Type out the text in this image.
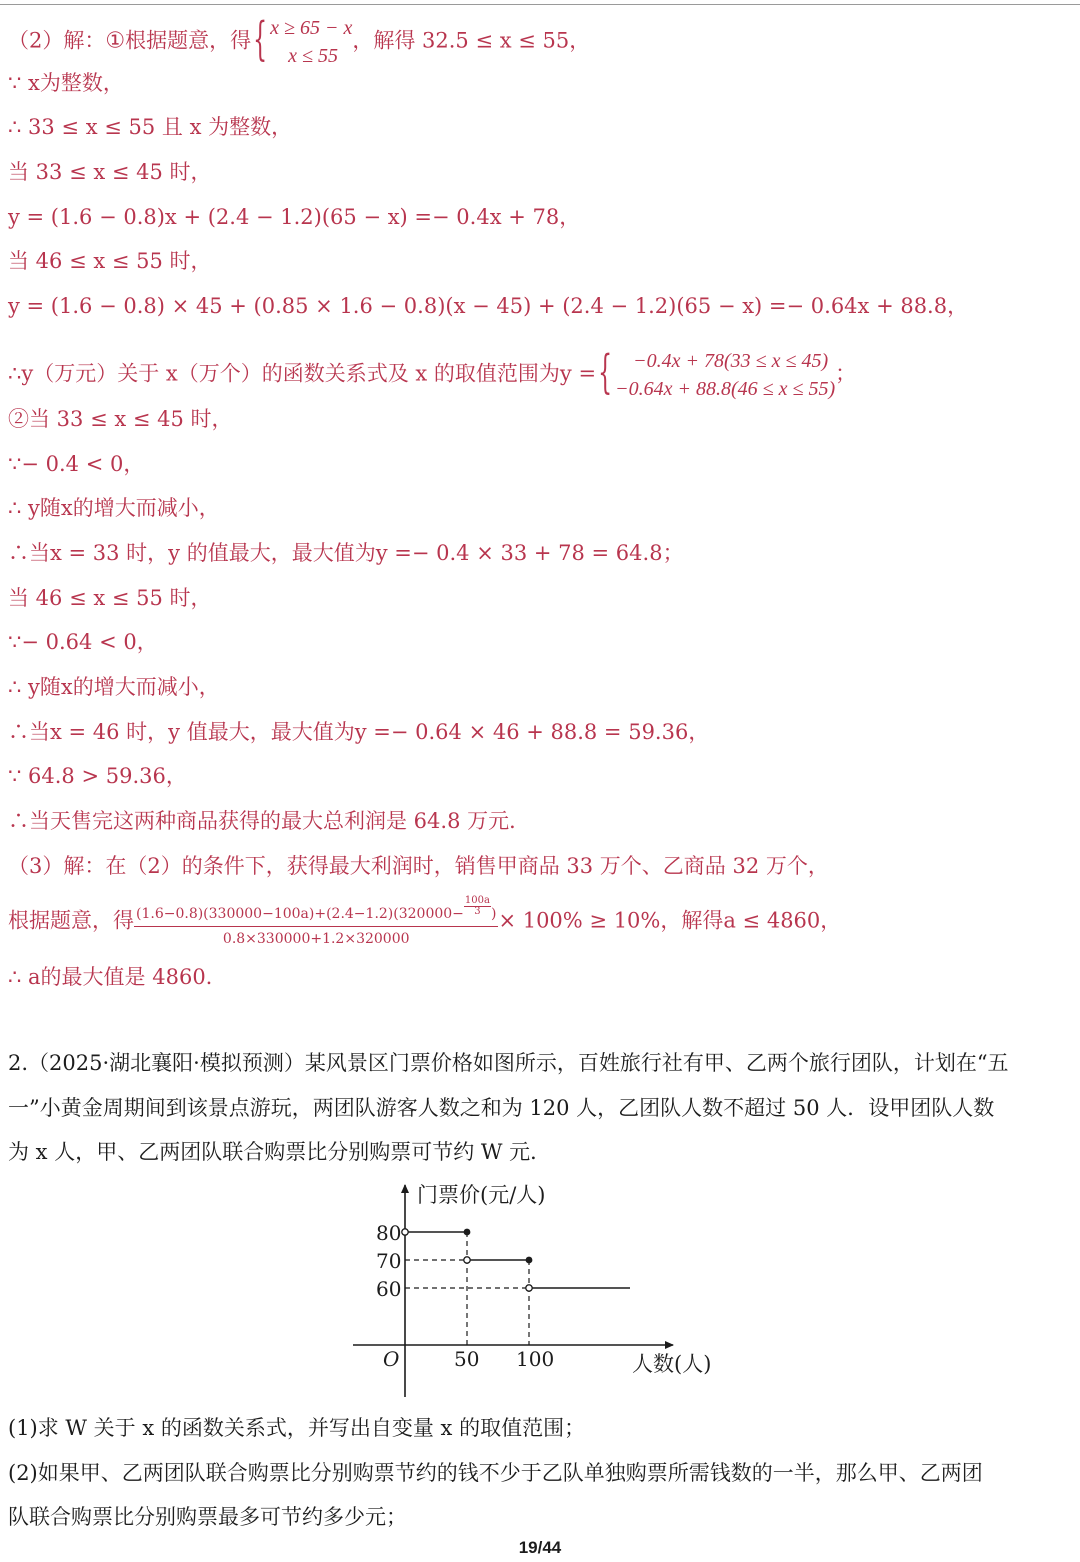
（2）解：①根据题意，得{ x ≥ 65 − x
x ≤ 55
，解得 32.5 ≤ x ≤ 55，
∵ x为整数，
∴ 33 ≤ x ≤ 55 且 x 为整数，
当 33 ≤ x ≤ 45 时，
y = (1.6 − 0.8)x + (2.4 − 1.2)(65 − x) =− 0.4x + 78，
当 46 ≤ x ≤ 55 时，
y = (1.6 − 0.8) × 45 + (0.85 × 1.6 − 0.8)(x − 45) + (2.4 − 1.2)(65 − x) =− 0.64x + 88.8，
∴y（万元）关于 x（万个）的函数关系式及 x 的取值范围为y ={	−0.4x + 78(33 ≤ x ≤ 45)
−0.64x + 88.8(46 ≤ x ≤ 55)
；
②当 33 ≤ x ≤ 45 时，
∵− 0.4 < 0，
∴ y随x的增大而减小，
∴当x = 33 时，y 的值最大，最大值为y =− 0.4 × 33 + 78 = 64.8；
当 46 ≤ x ≤ 55 时，
∵− 0.64 < 0，
∴ y随x的增大而减小，
∴当x = 46 时，y 值最大，最大值为y =− 0.64 × 46 + 88.8 = 59.36，
∵ 64.8 > 59.36，
∴当天售完这两种商品获得的最大总利润是 64.8 万元．
（3）解：在（2）的条件下，获得最大利润时，销售甲商品 33 万个、乙商品 32 万个，
根据题意，得 $\frac{(1.6-0.8)(330000-100a)+(2.4-1.2)(320000- \frac{100a}{3} )}{0.8\times 330000+1.2\times 320000} \times 100\% \ge 10\%$，解得a ≤ 4860，
∴ a的最大值是 4860.
2.（2025·湖北襄阳·模拟预测）某风景区门票价格如图所示，百姓旅行社有甲、乙两个旅行团队，计划在“五
一”小黄金周期间到该景点游玩，两团队游客人数之和为 120 人，乙团队人数不超过 50 人．设甲团队人数
为 x 人，甲、乙两团队联合购票比分别购票可节约 W 元．
门票价(元/人)
人数(人)
O
80
70
60
50 100
(1)求 W 关于 x 的函数关系式，并写出自变量 x 的取值范围；
(2)如果甲、乙两团队联合购票比分别购票节约的钱不少于乙队单独购票所需钱数的一半，那么甲、乙两团
队联合购票比分别购票最多可节约多少元；
19/44
